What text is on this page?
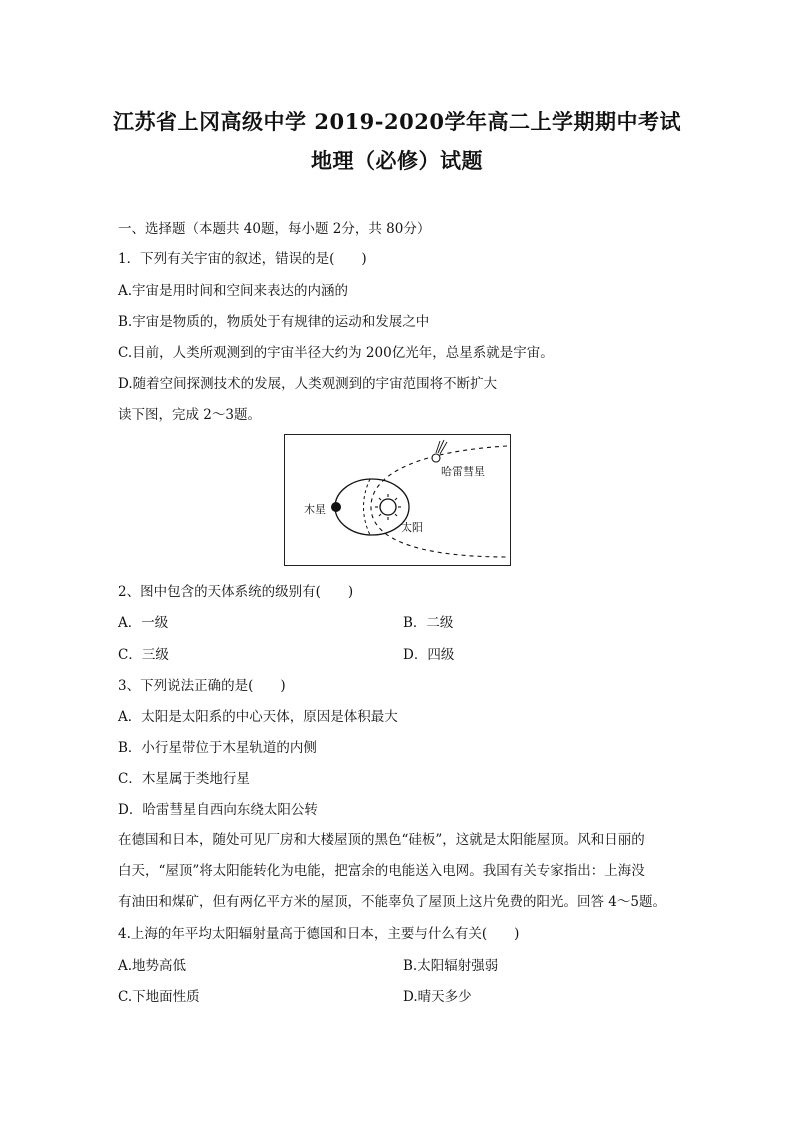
江苏省上冈高级中学 2019-2020学年高二上学期期中考试
地理（必修）试题
一、选择题（本题共 40题，每小题 2分，共 80分）
1．下列有关宇宙的叙述，错误的是(　　)
A.宇宙是用时间和空间来表达的内涵的
B.宇宙是物质的，物质处于有规律的运动和发展之中
C.目前，人类所观测到的宇宙半径大约为 200亿光年，总星系就是宇宙。
D.随着空间探测技术的发展，人类观测到的宇宙范围将不断扩大
读下图，完成 2～3题。
哈雷彗星
木星
太阳
2、图中包含的天体系统的级别有(　　)
A．一级	B．二级
C．三级	D．四级
3、下列说法正确的是(　　)
A．太阳是太阳系的中心天体，原因是体积最大
B．小行星带位于木星轨道的内侧
C．木星属于类地行星
D．哈雷彗星自西向东绕太阳公转
在德国和日本，随处可见厂房和大楼屋顶的黑色“硅板”，这就是太阳能屋顶。风和日丽的
白天，“屋顶”将太阳能转化为电能，把富余的电能送入电网。我国有关专家指出：上海没
有油田和煤矿，但有两亿平方米的屋顶，不能辜负了屋顶上这片免费的阳光。回答 4～5题。
4.上海的年平均太阳辐射量高于德国和日本，主要与什么有关(　　)
A.地势高低	B.太阳辐射强弱
C.下地面性质	D.晴天多少
